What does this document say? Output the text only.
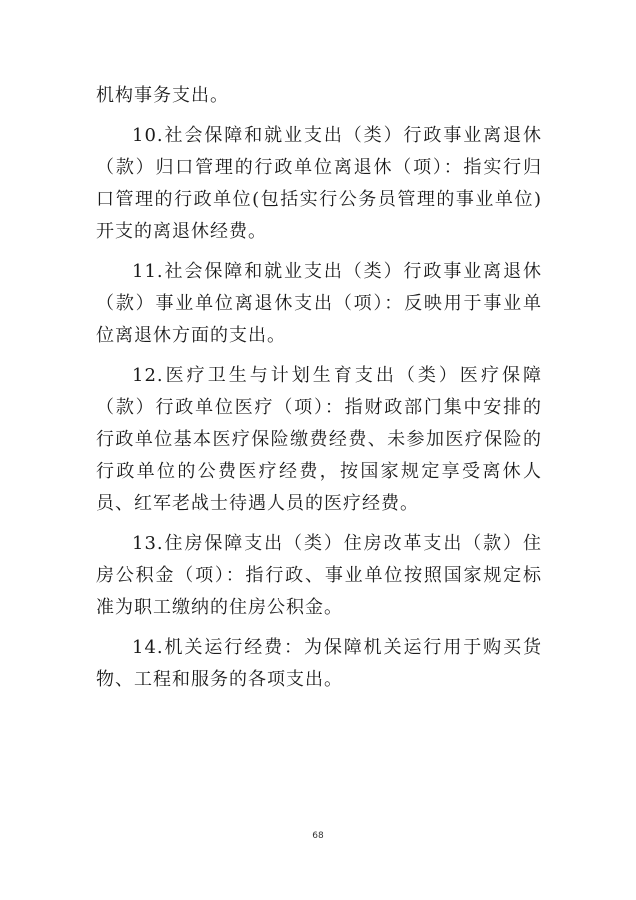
机构事务支出。

10.社会保障和就业支出（类）行政事业离退休（款）归口管理的行政单位离退休（项）：指实行归口管理的行政单位(包括实行公务员管理的事业单位)开支的离退休经费。

11.社会保障和就业支出（类）行政事业离退休（款）事业单位离退休支出（项）：反映用于事业单位离退休方面的支出。

12.医疗卫生与计划生育支出（类）医疗保障（款）行政单位医疗（项）：指财政部门集中安排的行政单位基本医疗保险缴费经费、未参加医疗保险的行政单位的公费医疗经费，按国家规定享受离休人员、红军老战士待遇人员的医疗经费。

13.住房保障支出（类）住房改革支出（款）住房公积金（项）：指行政、事业单位按照国家规定标准为职工缴纳的住房公积金。

14.机关运行经费：为保障机关运行用于购买货物、工程和服务的各项支出。

68
